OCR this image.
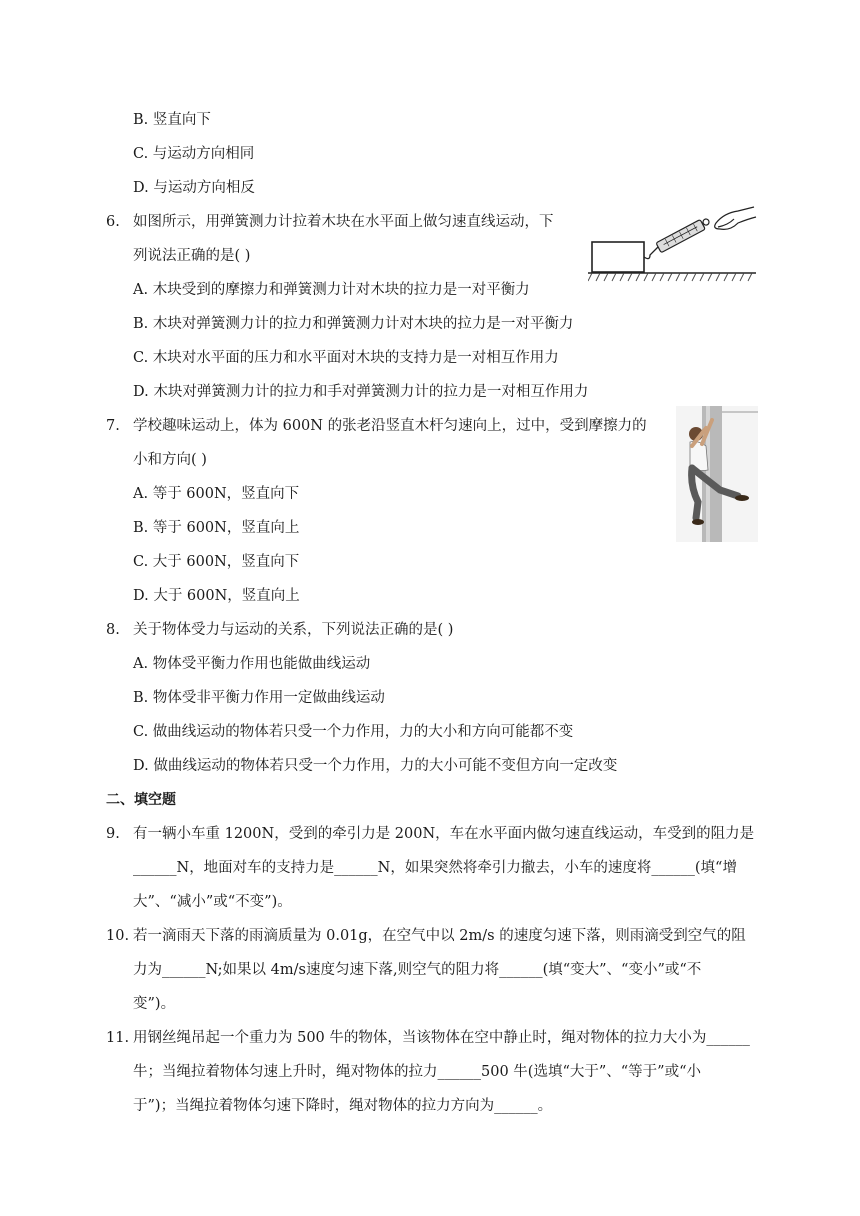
B. 竖直向下
C. 与运动方向相同
D. 与运动方向相反
6. 如图所示，用弹簧测力计拉着木块在水平面上做匀速直线运动，下
列说法正确的是( )
A. 木块受到的摩擦力和弹簧测力计对木块的拉力是一对平衡力
B. 木块对弹簧测力计的拉力和弹簧测力计对木块的拉力是一对平衡力
C. 木块对水平面的压力和水平面对木块的支持力是一对相互作用力
D. 木块对弹簧测力计的拉力和手对弹簧测力计的拉力是一对相互作用力
7. 学校趣味运动上，体为 600N 的张老沿竖直木杆匀速向上，过中，受到摩擦力的
小和方向( )
A. 等于 600N，竖直向下
B. 等于 600N，竖直向上
C. 大于 600N，竖直向下
D. 大于 600N，竖直向上
8. 关于物体受力与运动的关系，下列说法正确的是( )
A. 物体受平衡力作用也能做曲线运动
B. 物体受非平衡力作用一定做曲线运动
C. 做曲线运动的物体若只受一个力作用，力的大小和方向可能都不变
D. 做曲线运动的物体若只受一个力作用，力的大小可能不变但方向一定改变
二、填空题
9. 有一辆小车重 1200N，受到的牵引力是 200N，车在水平面内做匀速直线运动，车受到的阻力是
______N，地面对车的支持力是______N，如果突然将牵引力撤去，小车的速度将______(填“增
大”、“减小”或“不变”)。
10. 若一滴雨天下落的雨滴质量为 0.01g，在空气中以 2m/s 的速度匀速下落，则雨滴受到空气的阻
力为______N;如果以 4m/s速度匀速下落,则空气的阻力将______(填“变大”、“变小”或“不
变”)。
11. 用钢丝绳吊起一个重力为 500 牛的物体，当该物体在空中静止时，绳对物体的拉力大小为______
牛；当绳拉着物体匀速上升时，绳对物体的拉力______500 牛(选填“大于”、“等于”或“小
于”)；当绳拉着物体匀速下降时，绳对物体的拉力方向为______。
